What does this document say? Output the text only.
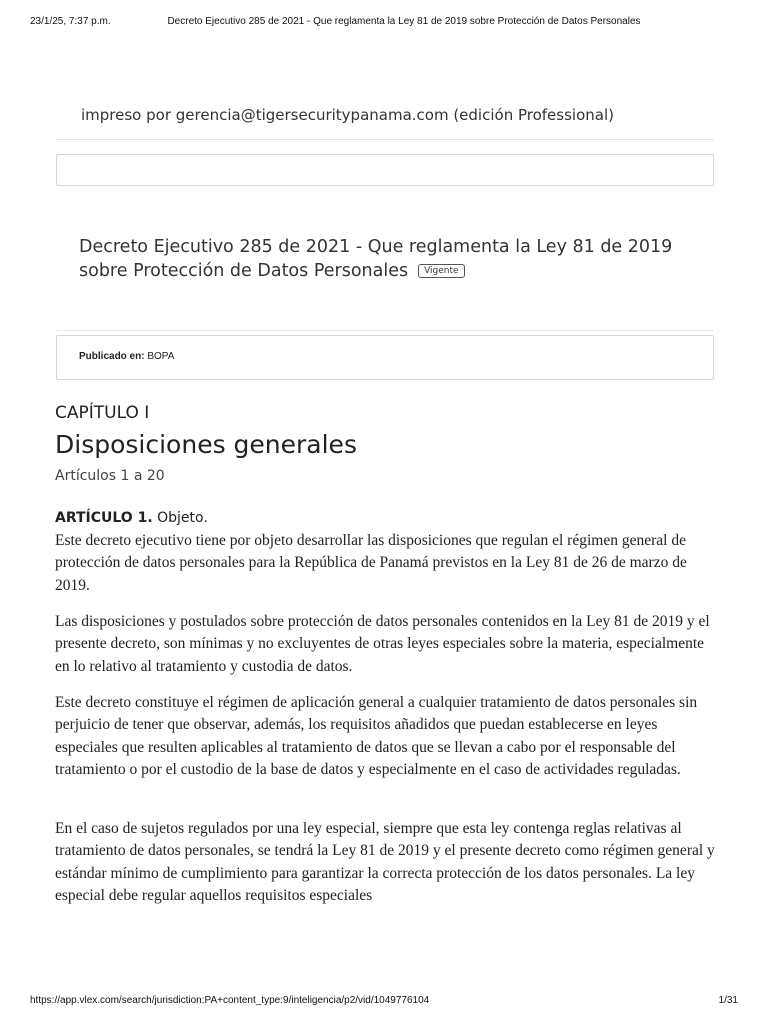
23/1/25, 7:37 p.m.	Decreto Ejecutivo 285 de 2021 - Que reglamenta la Ley 81 de 2019 sobre Protección de Datos Personales
impreso por gerencia@tigersecuritypanama.com (edición Professional)
Decreto Ejecutivo 285 de 2021 - Que reglamenta la Ley 81 de 2019 sobre Protección de Datos Personales Vigente
Publicado en: BOPA
CAPÍTULO I
Disposiciones generales
Artículos 1 a 20
ARTÍCULO 1. Objeto.

Este decreto ejecutivo tiene por objeto desarrollar las disposiciones que regulan el régimen general de protección de datos personales para la República de Panamá previstos en la Ley 81 de 26 de marzo de 2019.

Las disposiciones y postulados sobre protección de datos personales contenidos en la Ley 81 de 2019 y el presente decreto, son mínimas y no excluyentes de otras leyes especiales sobre la materia, especialmente en lo relativo al tratamiento y custodia de datos.

Este decreto constituye el régimen de aplicación general a cualquier tratamiento de datos personales sin perjuicio de tener que observar, además, los requisitos añadidos que puedan establecerse en leyes especiales que resulten aplicables al tratamiento de datos que se llevan a cabo por el responsable del tratamiento o por el custodio de la base de datos y especialmente en el caso de actividades reguladas.

En el caso de sujetos regulados por una ley especial, siempre que esta ley contenga reglas relativas al tratamiento de datos personales, se tendrá la Ley 81 de 2019 y el presente decreto como régimen general y estándar mínimo de cumplimiento para garantizar la correcta protección de los datos personales. La ley especial debe regular aquellos requisitos especiales

https://app.vlex.com/search/jurisdiction:PA+content_type:9/inteligencia/p2/vid/1049776104	1/31
